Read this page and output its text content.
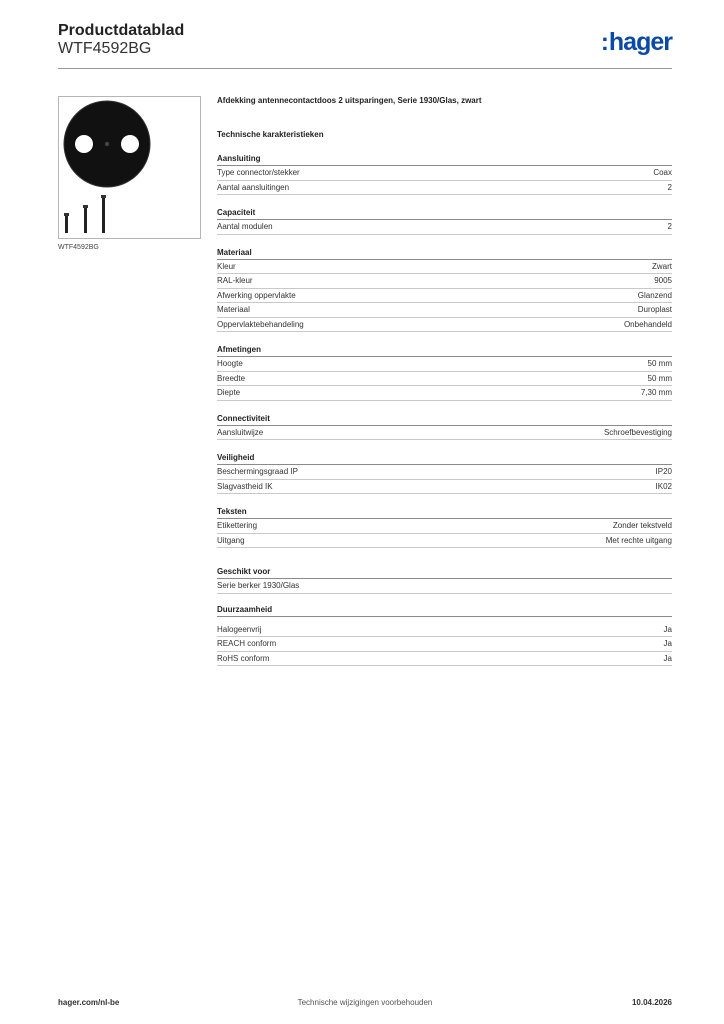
Productdatablad
WTF4592BG	:hager
WTF4592BG
Afdekking antennecontactdoos 2 uitsparingen, Serie 1930/Glas, zwart
Technische karakteristieken
Aansluiting
Type connector/stekker	Coax
Aantal aansluitingen	2
Capaciteit
Aantal modulen	2
Materiaal
Kleur	Zwart
RAL-kleur	9005
Afwerking oppervlakte	Glanzend
Materiaal	Duroplast
Oppervlaktebehandeling	Onbehandeld
Afmetingen
Hoogte	50 mm
Breedte	50 mm
Diepte	7,30 mm
Connectiviteit
Aansluitwijze	Schroefbevestiging
Veiligheid
Beschermingsgraad IP	IP20
Slagvastheid IK	IK02
Teksten
Etikettering	Zonder tekstveld
Uitgang	Met rechte uitgang
Geschikt voor
Serie berker 1930/Glas
Duurzaamheid
Halogeenvrij	Ja
REACH conform	Ja
RoHS conform	Ja
hager.com/nl-be	Technische wijzigingen voorbehouden	10.04.2026
